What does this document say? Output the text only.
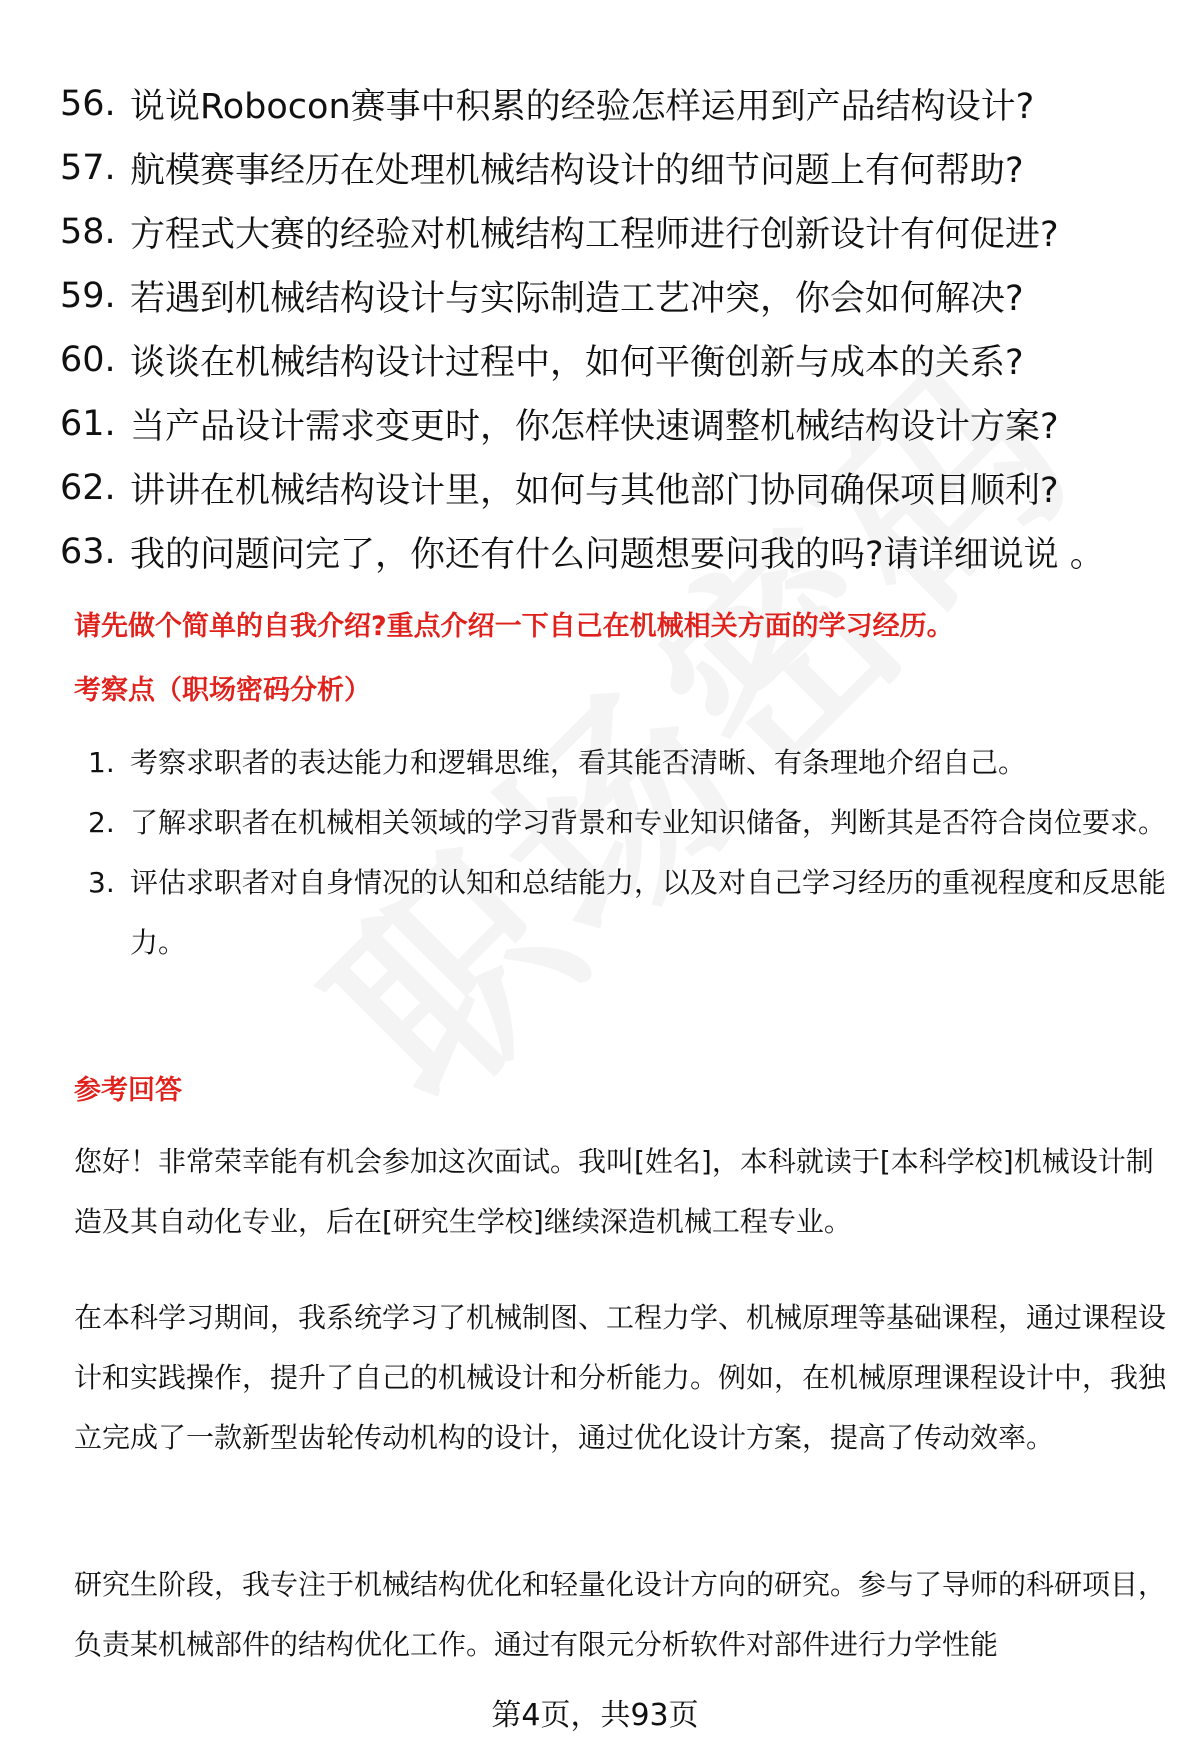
56. 说说Robocon赛事中积累的经验怎样运用到产品结构设计?
57. 航模赛事经历在处理机械结构设计的细节问题上有何帮助?
58. 方程式大赛的经验对机械结构工程师进行创新设计有何促进?
59. 若遇到机械结构设计与实际制造工艺冲突，你会如何解决?
60. 谈谈在机械结构设计过程中，如何平衡创新与成本的关系?
61. 当产品设计需求变更时，你怎样快速调整机械结构设计方案?
62. 讲讲在机械结构设计里，如何与其他部门协同确保项目顺利?
63. 我的问题问完了，你还有什么问题想要问我的吗?请详细说说 。
请先做个简单的自我介绍?重点介绍一下自己在机械相关方面的学习经历。
考察点（职场密码分析）
1. 考察求职者的表达能力和逻辑思维，看其能否清晰、有条理地介绍自己。
2. 了解求职者在机械相关领域的学习背景和专业知识储备，判断其是否符合岗位要求。
3. 评估求职者对自身情况的认知和总结能力，以及对自己学习经历的重视程度和反思能力。
参考回答
您好！非常荣幸能有机会参加这次面试。我叫[姓名]，本科就读于[本科学校]机械设计制造及其自动化专业，后在[研究生学校]继续深造机械工程专业。
在本科学习期间，我系统学习了机械制图、工程力学、机械原理等基础课程，通过课程设计和实践操作，提升了自己的机械设计和分析能力。例如，在机械原理课程设计中，我独立完成了一款新型齿轮传动机构的设计，通过优化设计方案，提高了传动效率。
研究生阶段，我专注于机械结构优化和轻量化设计方向的研究。参与了导师的科研项目，负责某机械部件的结构优化工作。通过有限元分析软件对部件进行力学性能
第4页，共93页
